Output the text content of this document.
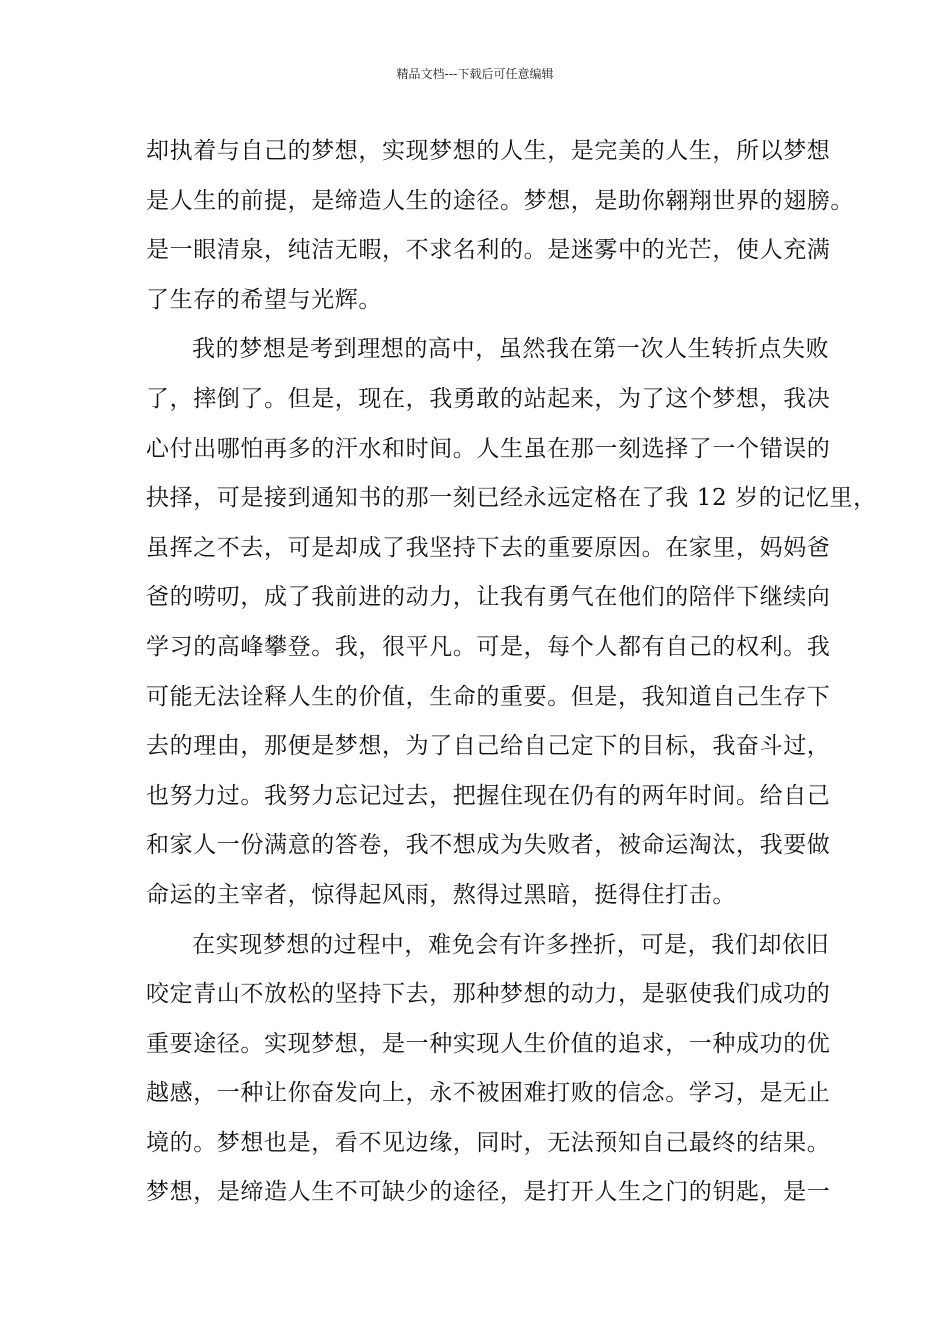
精品文档---下载后可任意编辑
却执着与自己的梦想，实现梦想的人生，是完美的人生，所以梦想
是人生的前提，是缔造人生的途径。梦想，是助你翱翔世界的翅膀。
是一眼清泉，纯洁无暇，不求名利的。是迷雾中的光芒，使人充满
了生存的希望与光辉。
我的梦想是考到理想的高中，虽然我在第一次人生转折点失败
了，摔倒了。但是，现在，我勇敢的站起来，为了这个梦想，我决
心付出哪怕再多的汗水和时间。人生虽在那一刻选择了一个错误的
抉择，可是接到通知书的那一刻已经永远定格在了我 12 岁的记忆里，
虽挥之不去，可是却成了我坚持下去的重要原因。在家里，妈妈爸
爸的唠叨，成了我前进的动力，让我有勇气在他们的陪伴下继续向
学习的高峰攀登。我，很平凡。可是，每个人都有自己的权利。我
可能无法诠释人生的价值，生命的重要。但是，我知道自己生存下
去的理由，那便是梦想，为了自己给自己定下的目标，我奋斗过，
也努力过。我努力忘记过去，把握住现在仍有的两年时间。给自己
和家人一份满意的答卷，我不想成为失败者，被命运淘汰，我要做
命运的主宰者，惊得起风雨，熬得过黑暗，挺得住打击。
在实现梦想的过程中，难免会有许多挫折，可是，我们却依旧
咬定青山不放松的坚持下去，那种梦想的动力，是驱使我们成功的
重要途径。实现梦想，是一种实现人生价值的追求，一种成功的优
越感，一种让你奋发向上，永不被困难打败的信念。学习，是无止
境的。梦想也是，看不见边缘，同时，无法预知自己最终的结果。
梦想，是缔造人生不可缺少的途径，是打开人生之门的钥匙，是一
